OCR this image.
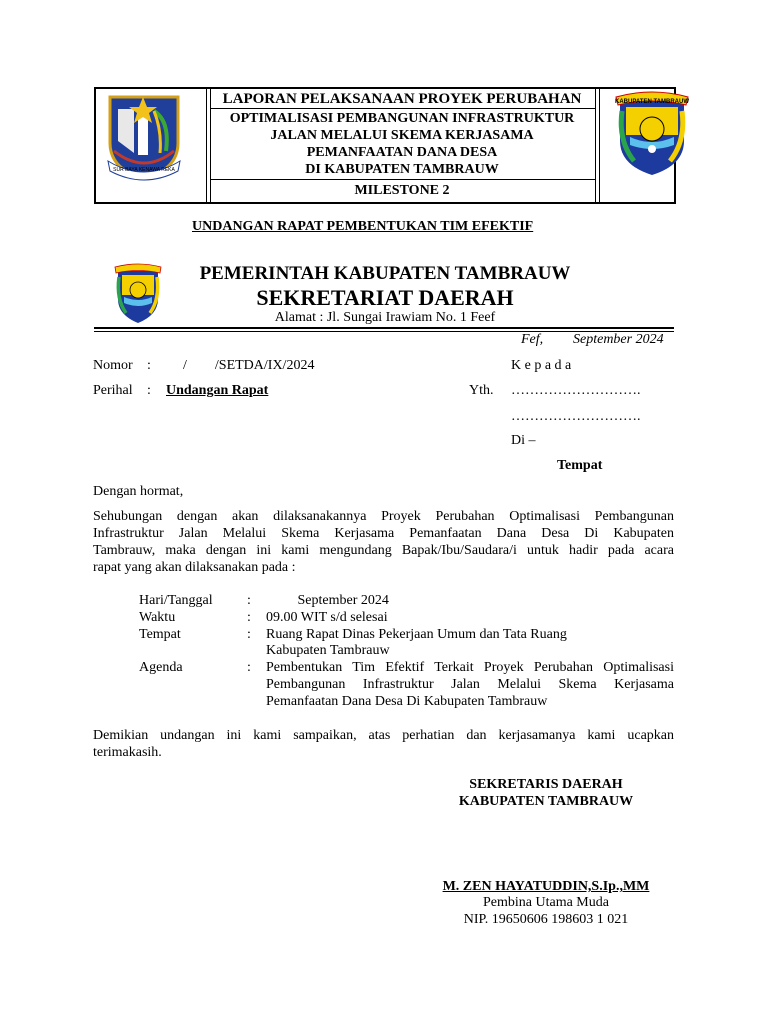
SUR BAYA KENAWA REKA
KABUPATEN TAMBRAUW
LAPORAN PELAKSANAAN PROYEK PERUBAHAN
OPTIMALISASI PEMBANGUNAN INFRASTRUKTUR
JALAN MELALUI SKEMA KERJASAMA
PEMANFAATAN DANA DESA
DI KABUPATEN TAMBRAUW
MILESTONE 2
UNDANGAN RAPAT PEMBENTUKAN TIM EFEKTIF
PEMERINTAH KABUPATEN TAMBRAUW
SEKRETARIAT DAERAH
Alamat : Jl. Sungai Irawiam No. 1 Feef
Fef, September 2024
Nomor : /        /SETDA/IX/2024
Perihal : Undangan Rapat
K e p a d a
Yth. ……………………….
……………………….
Di –
Tempat
Dengan hormat,
Sehubungan dengan akan dilaksanakannya Proyek Perubahan Optimalisasi Pembangunan
Infrastruktur Jalan Melalui Skema Kerjasama Pemanfaatan Dana Desa Di Kabupaten
Tambrauw, maka dengan ini kami mengundang Bapak/Ibu/Saudara/i untuk hadir pada acara
rapat yang akan dilaksanakan pada :
Hari/Tanggal : September 2024
Waktu	: 09.00 WIT s/d selesai
Tempat	: Ruang Rapat Dinas Pekerjaan Umum dan Tata Ruang
Kabupaten Tambrauw
Agenda	: Pembentukan Tim Efektif Terkait Proyek Perubahan Optimalisasi
Pembangunan Infrastruktur Jalan Melalui Skema Kerjasama
Pemanfaatan Dana Desa Di Kabupaten Tambrauw
Demikian undangan ini kami sampaikan, atas perhatian dan kerjasamanya kami ucapkan
terimakasih.
SEKRETARIS DAERAH
KABUPATEN TAMBRAUW
M. ZEN HAYATUDDIN,S.Ip.,MM
Pembina Utama Muda
NIP. 19650606 198603 1 021
